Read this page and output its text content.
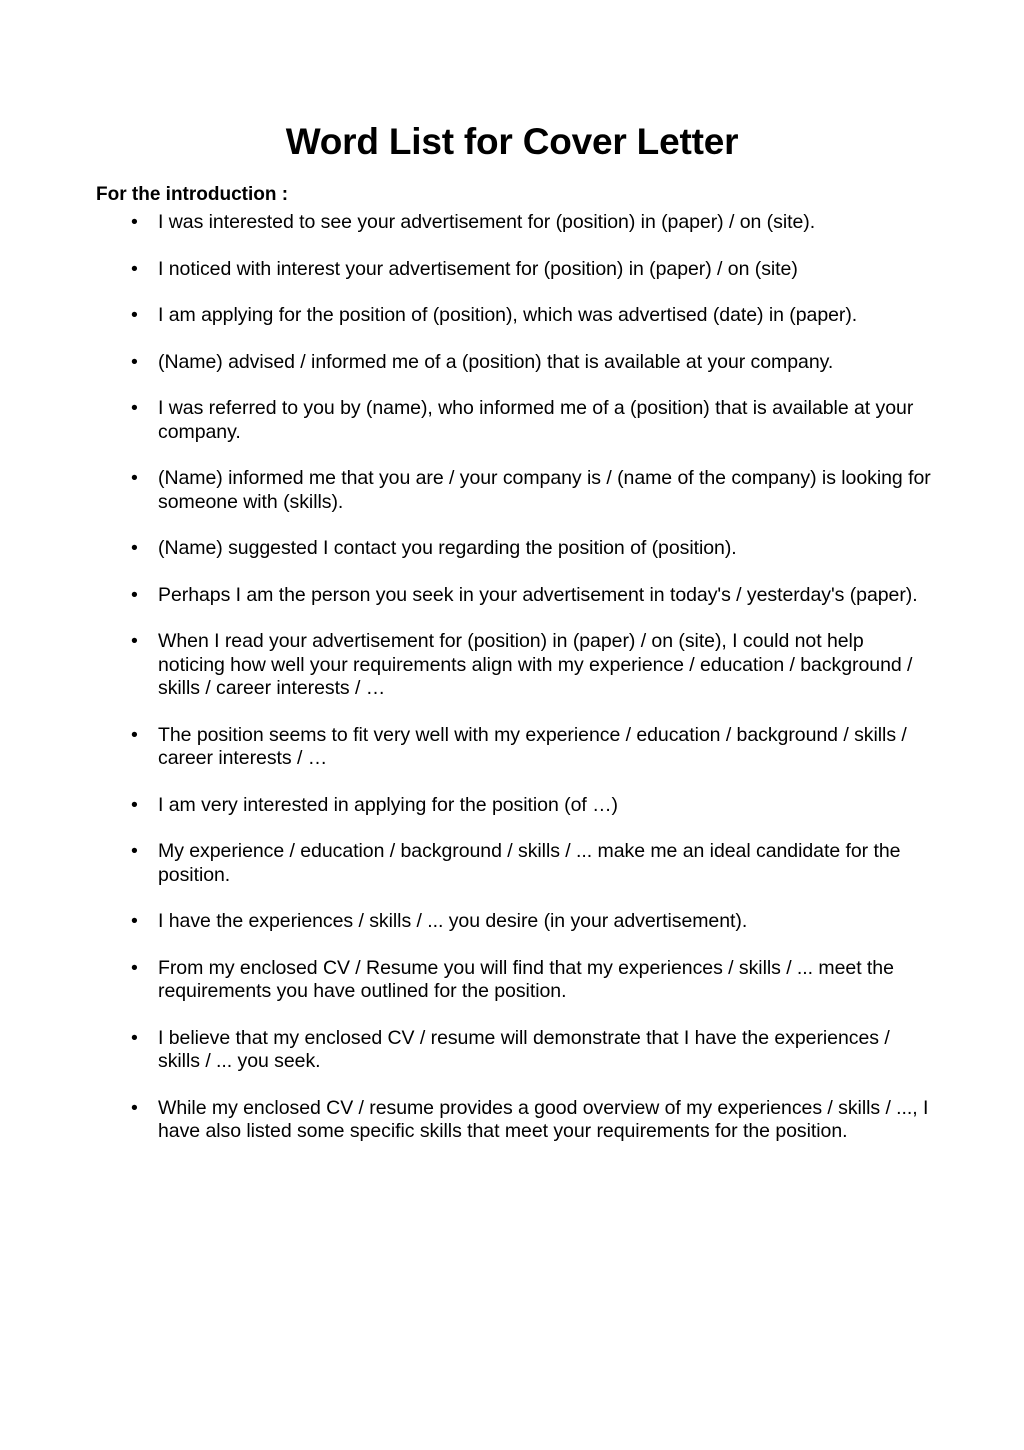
Word List for Cover Letter
For the introduction :
•	I was interested to see your advertisement for (position) in (paper) / on (site).
•	I noticed with interest your advertisement for (position) in (paper) / on (site)
•	I am applying for the position of (position), which was advertised (date) in (paper).
•	(Name) advised / informed me of a (position) that is available at your company.
•	I was referred to you by (name), who informed me of a (position) that is available at your company.
•	(Name) informed me that you are / your company is / (name of the company) is looking for someone with (skills).
•	(Name) suggested I contact you regarding the position of (position).
•	Perhaps I am the person you seek in your advertisement in today's / yesterday's (paper).
•	When I read your advertisement for (position) in (paper) / on (site), I could not help noticing how well your requirements align with my experience / education / background / skills / career interests / …
•	The position seems to fit very well with my experience / education / background / skills / career interests / …
•	I am very interested in applying for the position (of …)
•	My experience / education / background / skills / ... make me an ideal candidate for the position.
•	I have the experiences / skills / ... you desire (in your advertisement).
•	From my enclosed CV / Resume you will find that my experiences / skills / ... meet the requirements you have outlined for the position.
•	I believe that my enclosed CV / resume will demonstrate that I have the experiences / skills / ... you seek.
•	While my enclosed CV / resume provides a good overview of my experiences / skills / ..., I have also listed some specific skills that meet your requirements for the position.
